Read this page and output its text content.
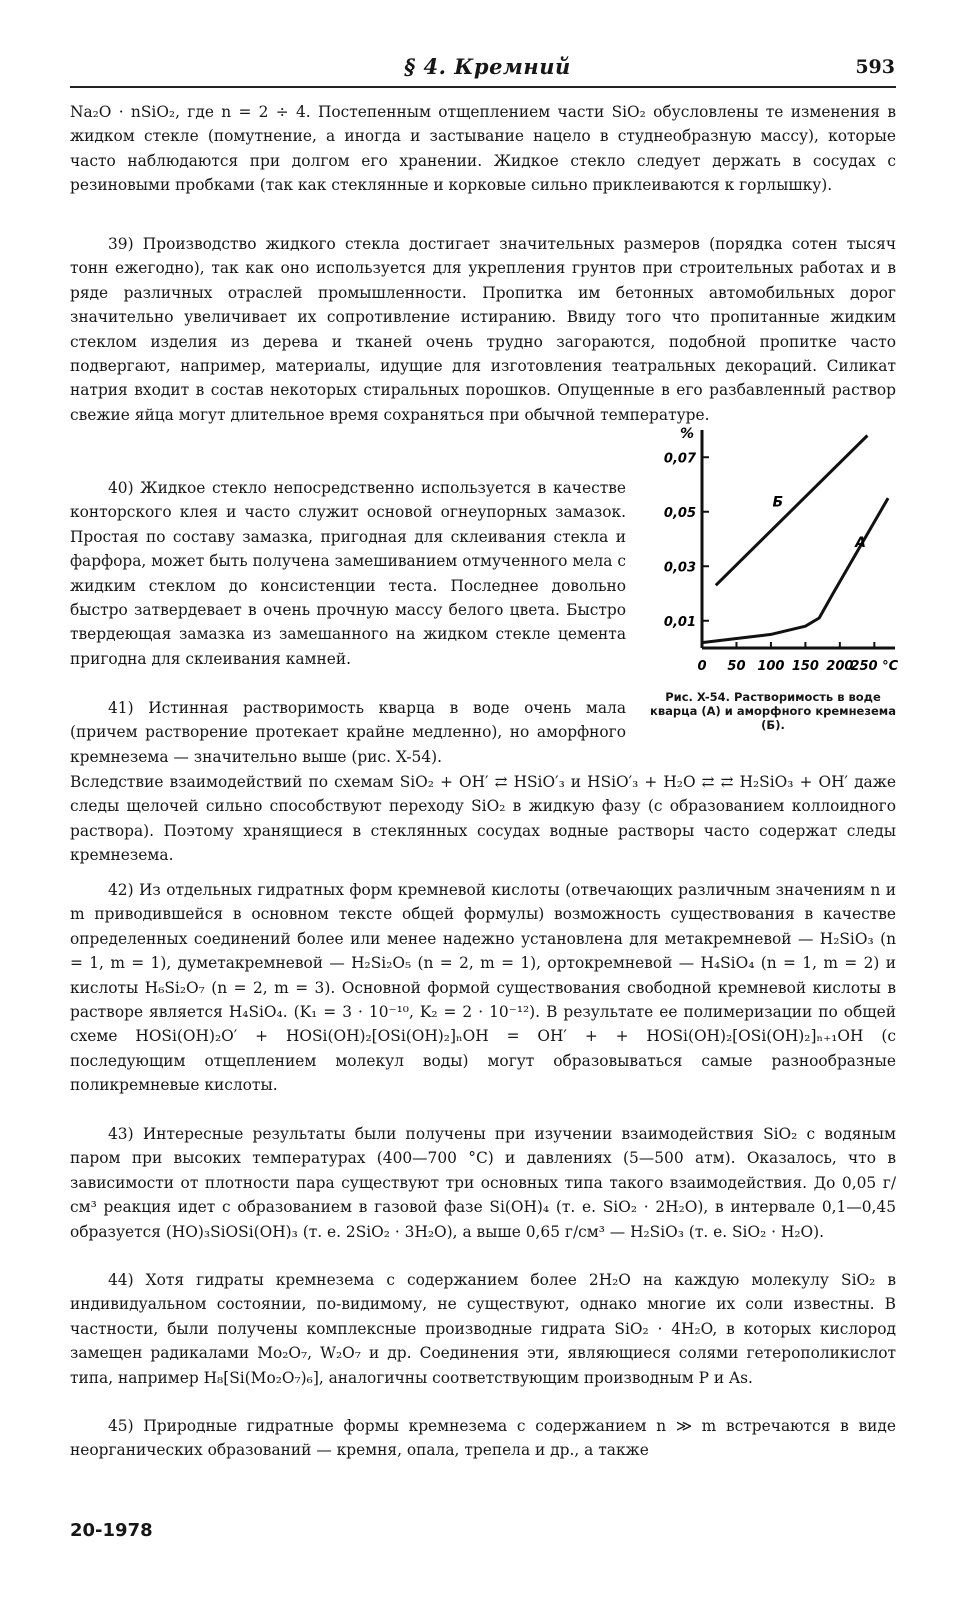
§ 4. Кремний	593

Na₂O · nSiO₂, где n = 2 ÷ 4. Постепенным отщеплением части SiO₂ обусловлены те изменения в жидком стекле (помутнение, а иногда и застывание нацело в студнеобразную массу), которые часто наблюдаются при долгом его хранении. Жидкое стекло следует держать в сосудах с резиновыми пробками (так как стеклянные и корковые сильно приклеиваются к горлышку).

39) Производство жидкого стекла достигает значительных размеров (порядка сотен тысяч тонн ежегодно), так как оно используется для укрепления грунтов при строительных работах и в ряде различных отраслей промышленности. Пропитка им бетонных автомобильных дорог значительно увеличивает их сопротивление истиранию. Ввиду того что пропитанные жидким стеклом изделия из дерева и тканей очень трудно загораются, подобной пропитке часто подвергают, например, материалы, идущие для изготовления театральных декораций. Силикат натрия входит в состав некоторых стиральных порошков. Опущенные в его разбавленный раствор свежие яйца могут длительное время сохраняться при обычной температуре.

40) Жидкое стекло непосредственно используется в качестве конторского клея и часто служит основой огнеупорных замазок. Простая по составу замазка, пригодная для склеивания стекла и фарфора, может быть получена замешиванием отмученного мела с жидким стеклом до консистенции теста. Последнее довольно быстро затвердевает в очень прочную массу белого цвета. Быстро твердеющая замазка из замешанного на жидком стекле цемента пригодна для склеивания камней.

41) Истинная растворимость кварца в воде очень мала (причем растворение протекает крайне медленно), но аморфного кремнезема — значительно выше (рис. X-54).

Вследствие взаимодействий по схемам SiO₂ + OH′ ⇄ HSiO′₃ и HSiO′₃ + H₂O ⇄ ⇄ H₂SiO₃ + OH′ даже следы щелочей сильно способствуют переходу SiO₂ в жидкую фазу (с образованием коллоидного раствора). Поэтому хранящиеся в стеклянных сосудах водные растворы часто содержат следы кремнезема.

42) Из отдельных гидратных форм кремневой кислоты (отвечающих различным значениям n и m приводившейся в основном тексте общей формулы) возможность существования в качестве определенных соединений более или менее надежно установлена для метакремневой — H₂SiO₃ (n = 1, m = 1), думетакремневой — H₂Si₂O₅ (n = 2, m = 1), ортокремневой — H₄SiO₄ (n = 1, m = 2) и кислоты H₆Si₂O₇ (n = 2, m = 3). Основной формой существования свободной кремневой кислоты в растворе является H₄SiO₄. (K₁ = 3 · 10⁻¹⁰, K₂ = 2 · 10⁻¹²). В результате ее полимеризации по общей схеме HOSi(OH)₂O′ + HOSi(OH)₂[OSi(OH)₂]ₙOH = OH′ + + HOSi(OH)₂[OSi(OH)₂]ₙ₊₁OH (с последующим отщеплением молекул воды) могут образовываться самые разнообразные поликремневые кислоты.

43) Интересные результаты были получены при изучении взаимодействия SiO₂ с водяным паром при высоких температурах (400—700 °С) и давлениях (5—500 атм). Оказалось, что в зависимости от плотности пара существуют три основных типа такого взаимодействия. До 0,05 г/см³ реакция идет с образованием в газовой фазе Si(OH)₄ (т. е. SiO₂ · 2H₂O), в интервале 0,1—0,45 образуется (HO)₃SiOSi(OH)₃ (т. е. 2SiO₂ · 3H₂O), а выше 0,65 г/см³ — H₂SiO₃ (т. е. SiO₂ · H₂O).

44) Хотя гидраты кремнезема с содержанием более 2H₂O на каждую молекулу SiO₂ в индивидуальном состоянии, по-видимому, не существуют, однако многие их соли известны. В частности, были получены комплексные производные гидрата SiO₂ · 4H₂O, в которых кислород замещен радикалами Mo₂O₇, W₂O₇ и др. Соединения эти, являющиеся солями гетерополикислот типа, например H₈[Si(Mo₂O₇)₆], аналогичны соответствующим производным P и As.

45) Природные гидратные формы кремнезема с содержанием n ≫ m встречаются в виде неорганических образований — кремня, опала, трепела и др., а также

%
0,01
0,03
0,05
0,07
0 50 100 150 200
250 °C
Б
А
Рис. X-54. Растворимость в воде кварца (А) и аморфного кремнезема (Б).
20-1978
